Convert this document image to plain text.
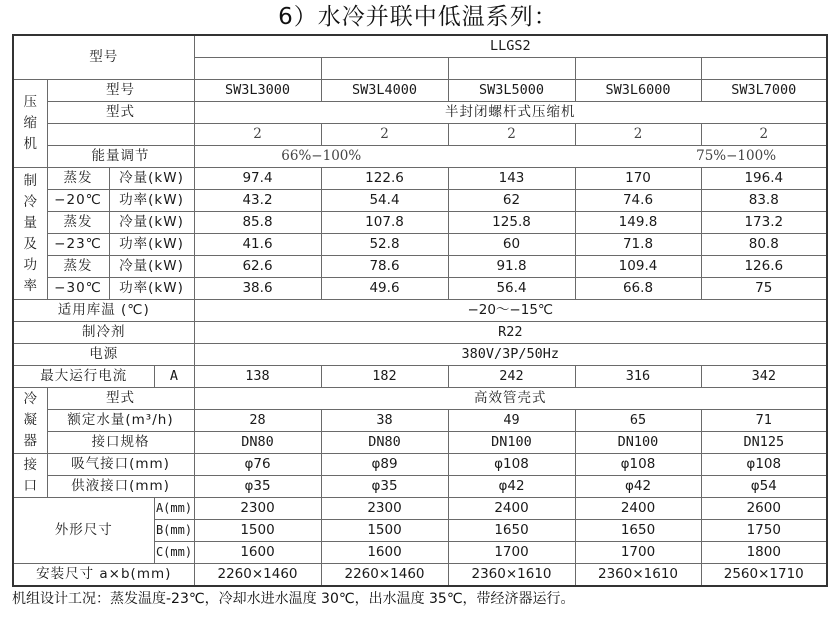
6）水冷并联中低温系列：
型号				LLGS2				

压缩机	型号			SW3L3000	SW3L4000	SW3L5000	SW3L6000	SW3L7000
	型式			半封闭螺杆式压缩机				
				2	2	2	2	2
	能量调节			66%−100%		75%−100%		
制冷量及功率	蒸发	冷量(kW)		97.4	122.6	143	170	196.4
	−20℃	功率(kW)		43.2	54.4	62	74.6	83.8
	蒸发	冷量(kW)		85.8	107.8	125.8	149.8	173.2
	−23℃	功率(kW)		41.6	52.8	60	71.8	80.8
	蒸发	冷量(kW)		62.6	78.6	91.8	109.4	126.6
	−30℃	功率(kW)		38.6	49.6	56.4	66.8	75
适用库温 (℃)				−20～−15℃				
制冷剂				R22				
电源				380V/3P/50Hz				
最大运行电流			A	138	182	242	316	342
冷凝器	型式			高效管壳式				
	额定水量(m³/h)			28	38	49	65	71
	接口规格			DN80	DN80	DN100	DN100	DN125
接口	吸气接口(mm)			φ76	φ89	φ108	φ108	φ108
	供液接口(mm)			φ35	φ35	φ42	φ42	φ54
外形尺寸			A(mm)	2300	2300	2400	2400	2600
			B(mm)	1500	1500	1650	1650	1750
			C(mm)	1600	1600	1700	1700	1800
安装尺寸 a×b(mm)				2260×1460	2260×1460	2360×1610	2360×1610	2560×1710
机组设计工况：蒸发温度-23℃，冷却水进水温度 30℃，出水温度 35℃，带经济器运行。
